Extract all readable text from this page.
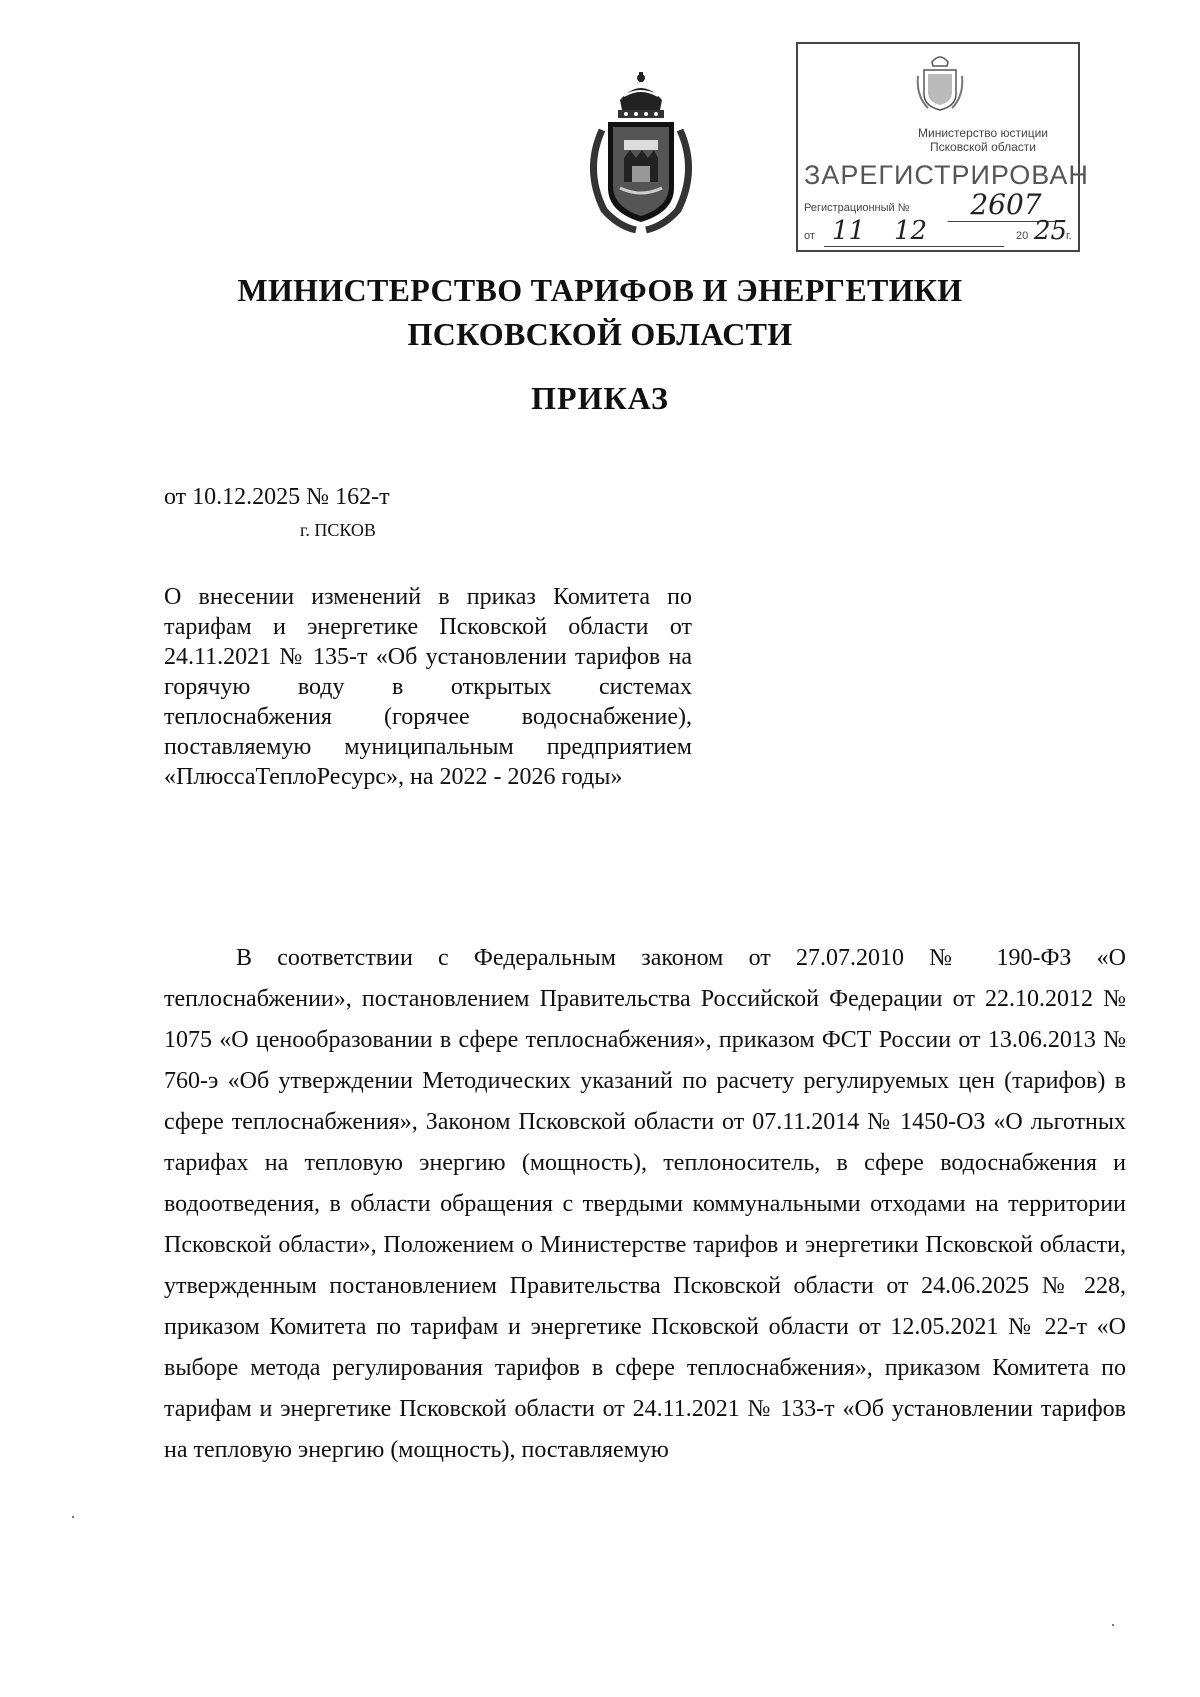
Министерство юстиции
Псковской области
ЗАРЕГИСТРИРОВАН
Регистрационный №	2607
от 11 12	20 25
г.
МИНИСТЕРСТВО ТАРИФОВ И ЭНЕРГЕТИКИ
ПСКОВСКОЙ ОБЛАСТИ
ПРИКАЗ
от 10.12.2025 № 162-т
г. ПСКОВ
О внесении изменений в приказ Комитета по тарифам и энергетике Псковской области от 24.11.2021 № 135-т «Об установлении тарифов на горячую воду в открытых системах теплоснабжения (горячее водоснабжение), поставляемую муниципальным предприятием «ПлюссаТеплоРесурс», на 2022 - 2026 годы»
В соответствии с Федеральным законом от 27.07.2010 № 190-ФЗ «О теплоснабжении», постановлением Правительства Российской Федерации от 22.10.2012 № 1075 «О ценообразовании в сфере теплоснабжения», приказом ФСТ России от 13.06.2013 № 760-э «Об утверждении Методических указаний по расчету регулируемых цен (тарифов) в сфере теплоснабжения», Законом Псковской области от 07.11.2014 № 1450-ОЗ «О льготных тарифах на тепловую энергию (мощность), теплоноситель, в сфере водоснабжения и водоотведения, в области обращения с твердыми коммунальными отходами на территории Псковской области», Положением о Министерстве тарифов и энергетики Псковской области, утвержденным постановлением Правительства Псковской области от 24.06.2025 № 228, приказом Комитета по тарифам и энергетике Псковской области от 12.05.2021 № 22-т «О выборе метода регулирования тарифов в сфере теплоснабжения», приказом Комитета по тарифам и энергетике Псковской области от 24.11.2021 № 133-т «Об установлении тарифов на тепловую энергию (мощность), поставляемую
